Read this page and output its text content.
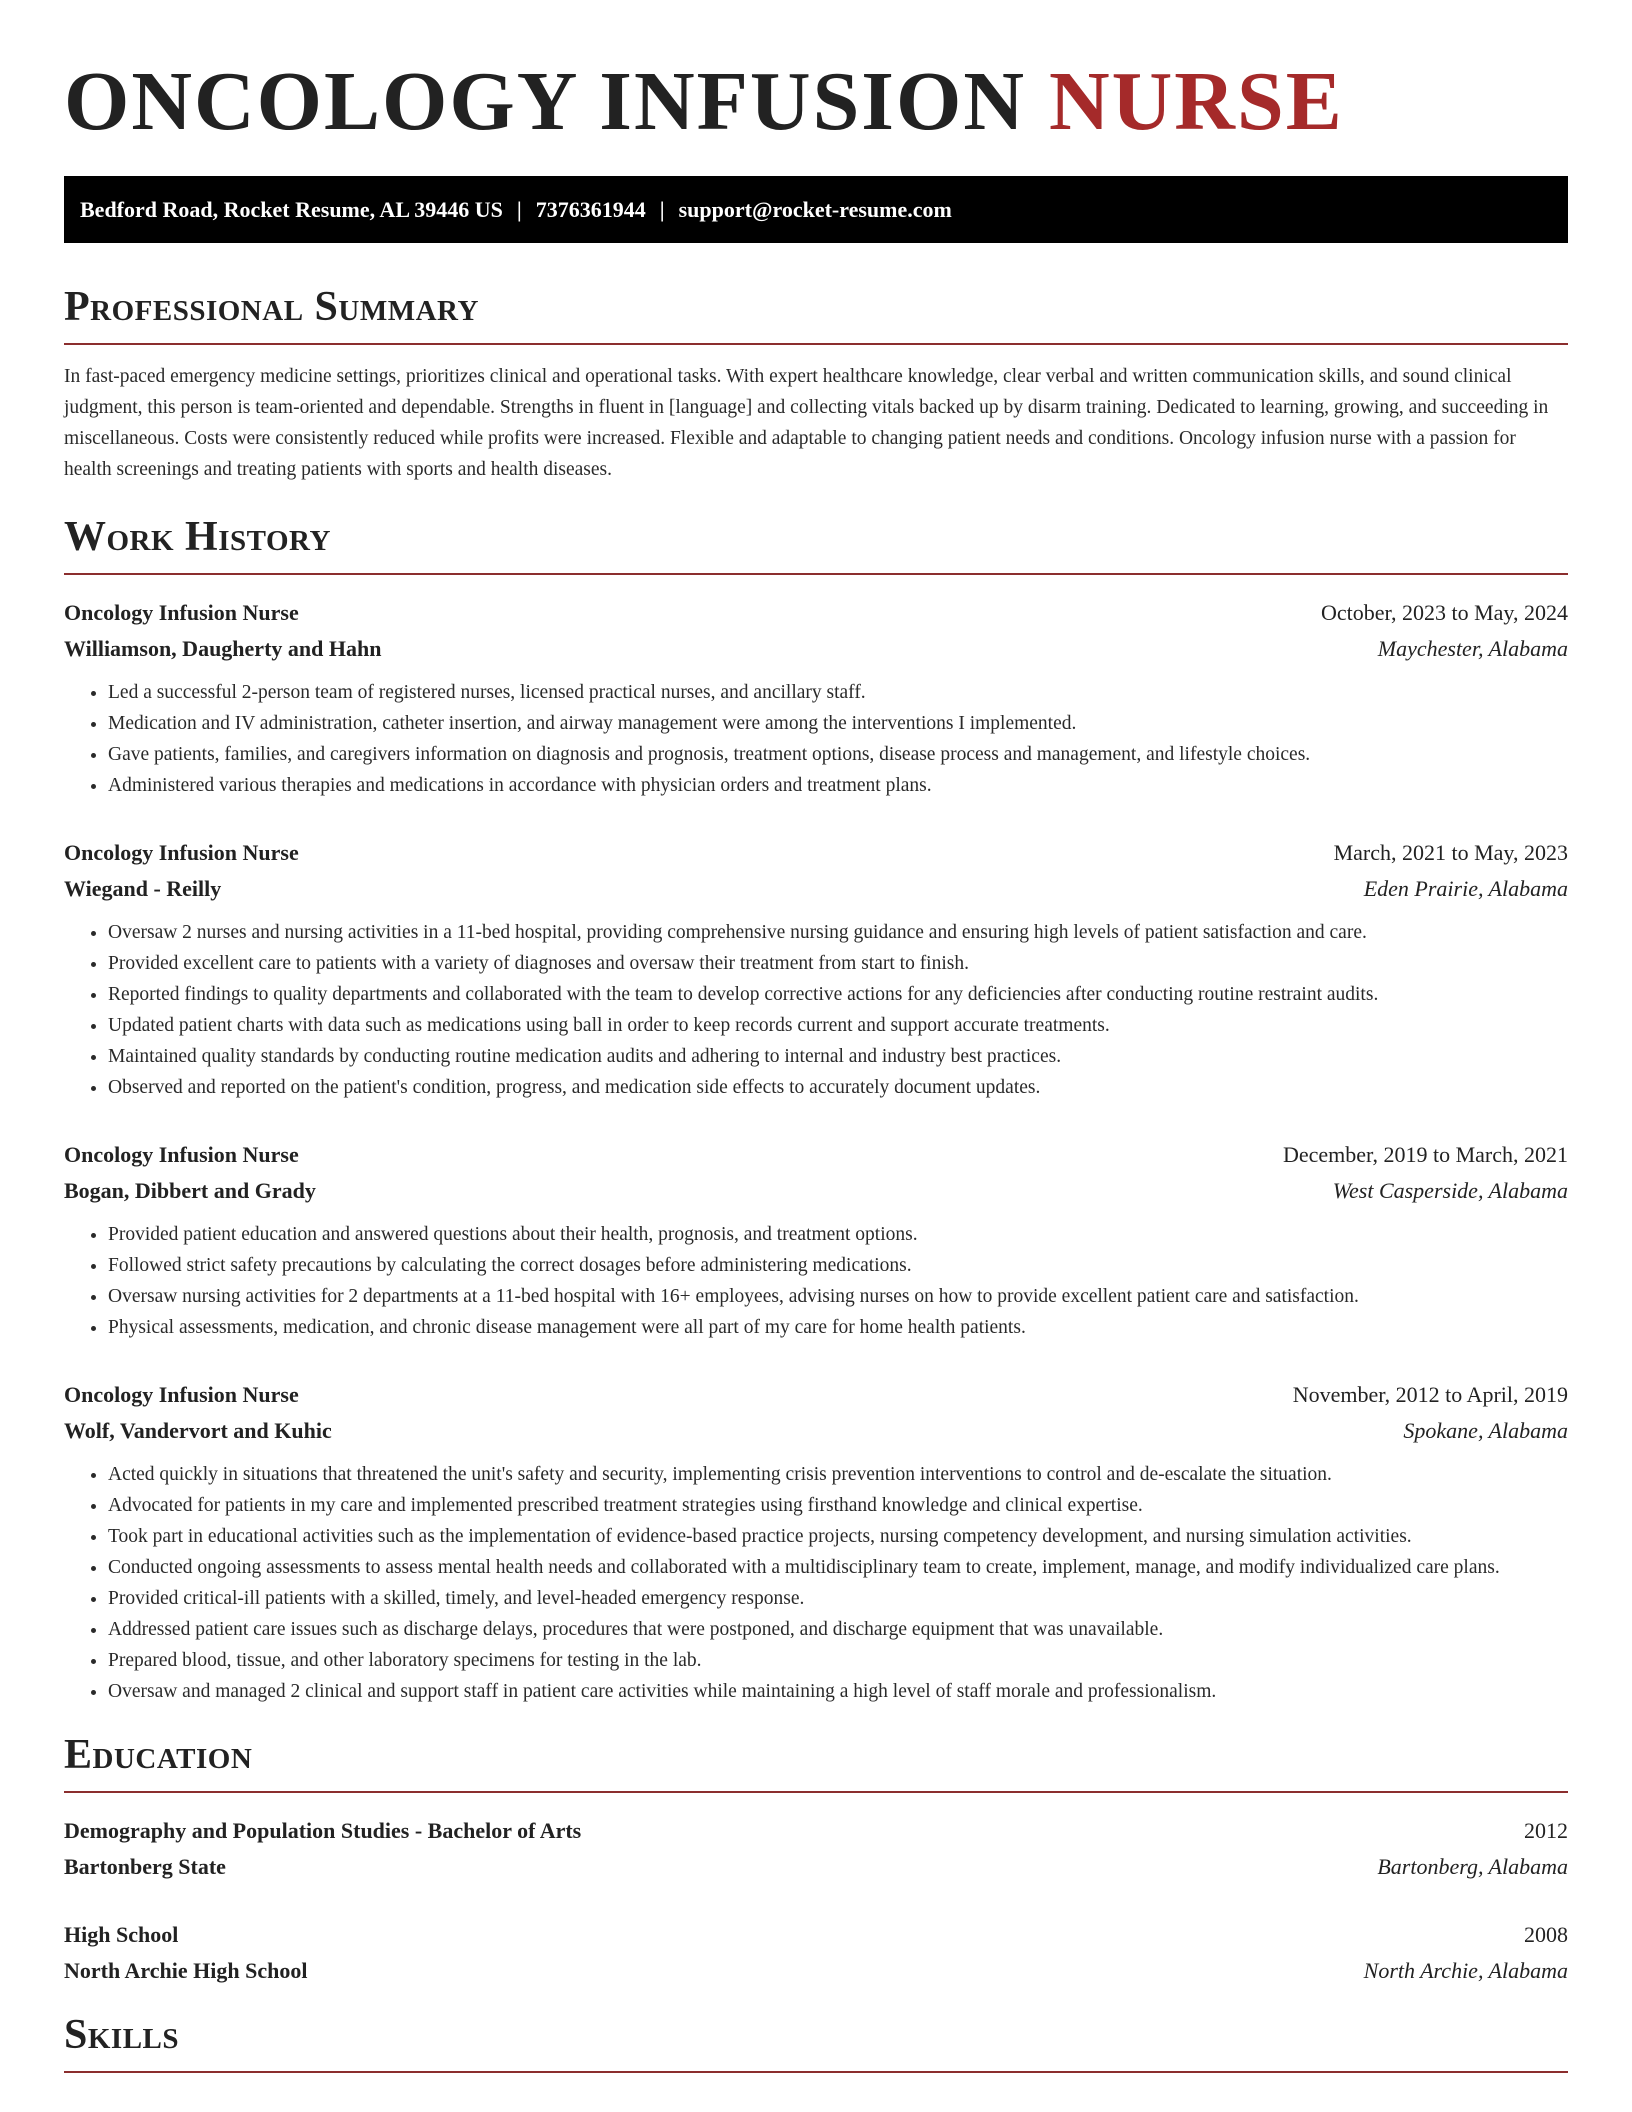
ONCOLOGY INFUSION NURSE
Bedford Road, Rocket Resume, AL 39446 US | 7376361944 | support@rocket-resume.com
Professional Summary

In fast-paced emergency medicine settings, prioritizes clinical and operational tasks. With expert healthcare knowledge, clear verbal and written communication skills, and sound clinical judgment, this person is team-oriented and dependable. Strengths in fluent in [language] and collecting vitals backed up by disarm training. Dedicated to learning, growing, and succeeding in miscellaneous. Costs were consistently reduced while profits were increased. Flexible and adaptable to changing patient needs and conditions. Oncology infusion nurse with a passion for health screenings and treating patients with sports and health diseases.

Work History
Oncology Infusion Nurse	October, 2023 to May, 2024
Williamson, Daugherty and Hahn	Maychester, Alabama
• Led a successful 2-person team of registered nurses, licensed practical nurses, and ancillary staff.
• Medication and IV administration, catheter insertion, and airway management were among the interventions I implemented.
• Gave patients, families, and caregivers information on diagnosis and prognosis, treatment options, disease process and management, and lifestyle choices.
• Administered various therapies and medications in accordance with physician orders and treatment plans.
Oncology Infusion Nurse	March, 2021 to May, 2023
Wiegand - Reilly	Eden Prairie, Alabama
• Oversaw 2 nurses and nursing activities in a 11-bed hospital, providing comprehensive nursing guidance and ensuring high levels of patient satisfaction and care.
• Provided excellent care to patients with a variety of diagnoses and oversaw their treatment from start to finish.
• Reported findings to quality departments and collaborated with the team to develop corrective actions for any deficiencies after conducting routine restraint audits.
• Updated patient charts with data such as medications using ball in order to keep records current and support accurate treatments.
• Maintained quality standards by conducting routine medication audits and adhering to internal and industry best practices.
• Observed and reported on the patient's condition, progress, and medication side effects to accurately document updates.
Oncology Infusion Nurse	December, 2019 to March, 2021
Bogan, Dibbert and Grady	West Casperside, Alabama
• Provided patient education and answered questions about their health, prognosis, and treatment options.
• Followed strict safety precautions by calculating the correct dosages before administering medications.
• Oversaw nursing activities for 2 departments at a 11-bed hospital with 16+ employees, advising nurses on how to provide excellent patient care and satisfaction.
• Physical assessments, medication, and chronic disease management were all part of my care for home health patients.
Oncology Infusion Nurse	November, 2012 to April, 2019
Wolf, Vandervort and Kuhic	Spokane, Alabama
• Acted quickly in situations that threatened the unit's safety and security, implementing crisis prevention interventions to control and de-escalate the situation.
• Advocated for patients in my care and implemented prescribed treatment strategies using firsthand knowledge and clinical expertise.
• Took part in educational activities such as the implementation of evidence-based practice projects, nursing competency development, and nursing simulation activities.
• Conducted ongoing assessments to assess mental health needs and collaborated with a multidisciplinary team to create, implement, manage, and modify individualized care plans.
• Provided critical-ill patients with a skilled, timely, and level-headed emergency response.
• Addressed patient care issues such as discharge delays, procedures that were postponed, and discharge equipment that was unavailable.
• Prepared blood, tissue, and other laboratory specimens for testing in the lab.
• Oversaw and managed 2 clinical and support staff in patient care activities while maintaining a high level of staff morale and professionalism.
Education
Demography and Population Studies - Bachelor of Arts	2012
Bartonberg State	Bartonberg, Alabama
High School	2008
North Archie High School	North Archie, Alabama
Skills
